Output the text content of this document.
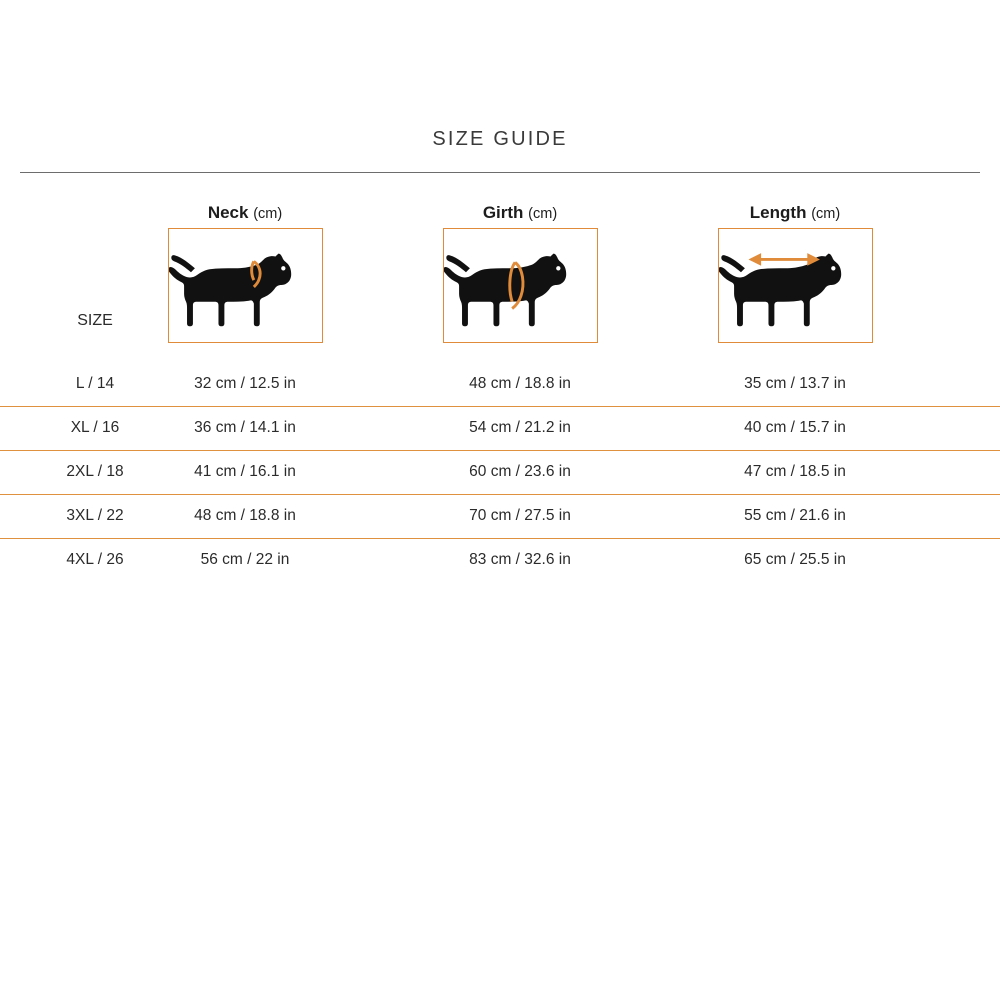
SIZE GUIDE
Neck (cm)	Girth (cm)	Length (cm)
SIZE
L / 14	32 cm / 12.5 in	48 cm / 18.8 in	35 cm / 13.7 in
XL / 16	36 cm / 14.1 in	54 cm / 21.2 in	40 cm / 15.7 in
2XL / 18	41 cm / 16.1 in	60 cm / 23.6 in	47 cm / 18.5 in
3XL / 22	48 cm / 18.8 in	70 cm / 27.5 in	55 cm / 21.6 in
4XL / 26	56 cm / 22 in	83 cm / 32.6 in	65 cm / 25.5 in
